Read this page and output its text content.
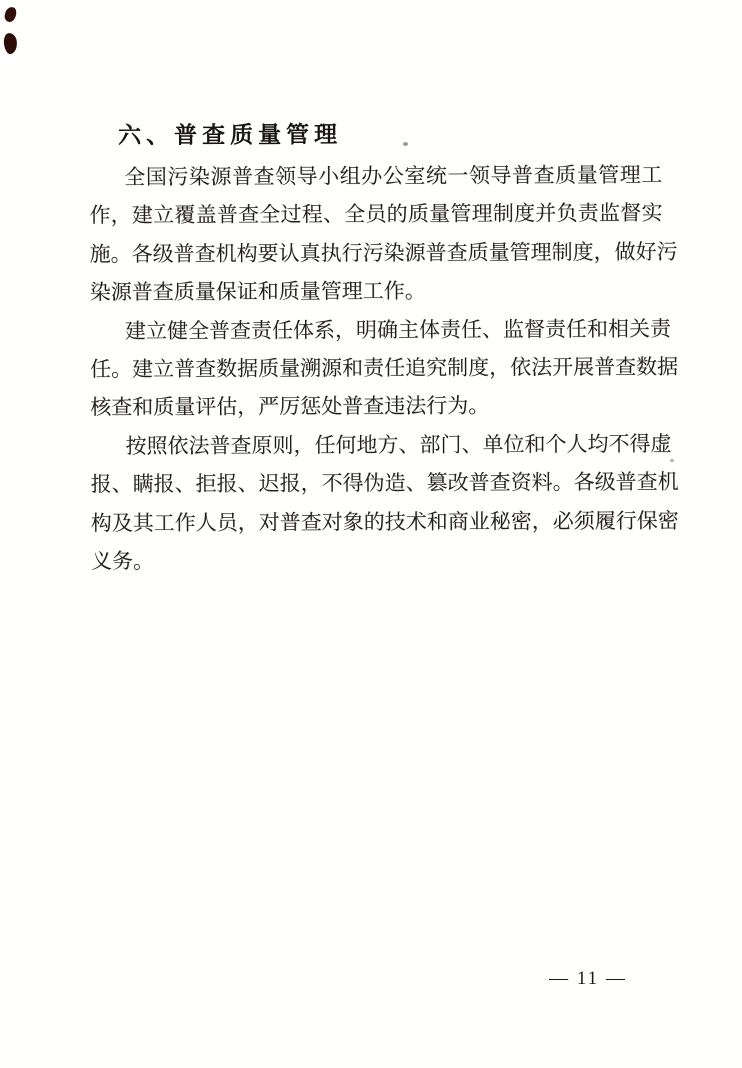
六、普查质量管理
全国污染源普查领导小组办公室统一领导普查质量管理工
作，建立覆盖普查全过程、全员的质量管理制度并负责监督实
施。各级普查机构要认真执行污染源普查质量管理制度，做好污
染源普查质量保证和质量管理工作。
建立健全普查责任体系，明确主体责任、监督责任和相关责
任。建立普查数据质量溯源和责任追究制度，依法开展普查数据
核查和质量评估，严厉惩处普查违法行为。
按照依法普查原则，任何地方、部门、单位和个人均不得虚
报、瞒报、拒报、迟报，不得伪造、篡改普查资料。各级普查机
构及其工作人员，对普查对象的技术和商业秘密，必须履行保密
义务。
— 11 —
